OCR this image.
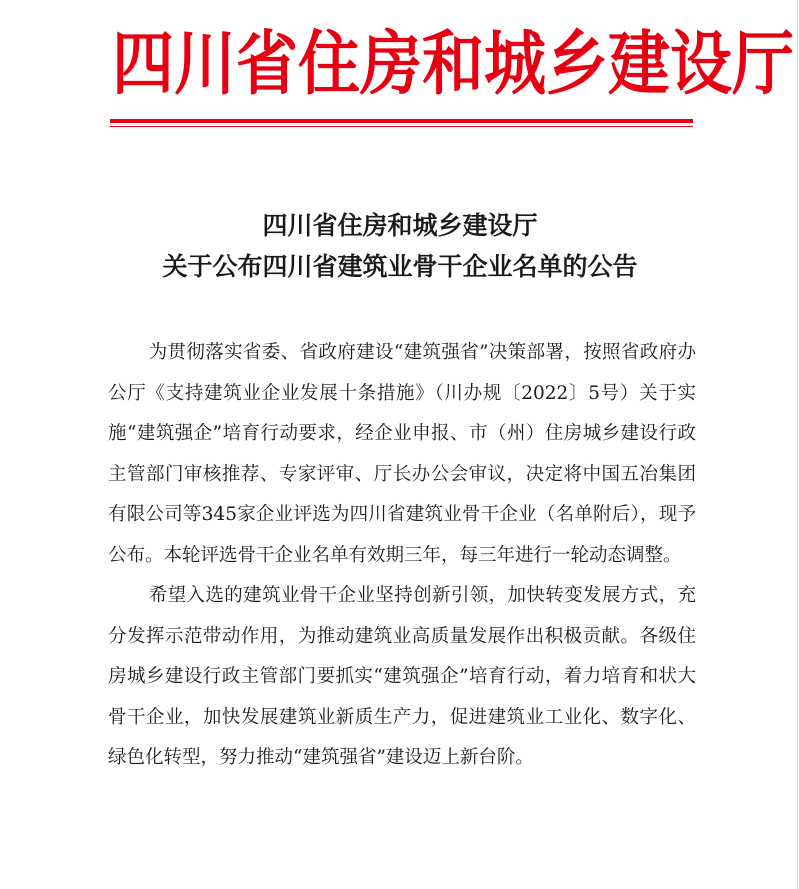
四川省住房和城乡建设厅
四川省住房和城乡建设厅
关于公布四川省建筑业骨干企业名单的公告

为贯彻落实省委、省政府建设“建筑强省”决策部署，按照省政府办公厅《支持建筑业企业发展十条措施》（川办规〔2022〕5号）关于实施“建筑强企”培育行动要求，经企业申报、市（州）住房城乡建设行政主管部门审核推荐、专家评审、厅长办公会审议，决定将中国五冶集团有限公司等345家企业评选为四川省建筑业骨干企业（名单附后），现予公布。本轮评选骨干企业名单有效期三年，每三年进行一轮动态调整。

希望入选的建筑业骨干企业坚持创新引领，加快转变发展方式，充分发挥示范带动作用，为推动建筑业高质量发展作出积极贡献。各级住房城乡建设行政主管部门要抓实“建筑强企”培育行动，着力培育和状大骨干企业，加快发展建筑业新质生产力，促进建筑业工业化、数字化、绿色化转型，努力推动“建筑强省”建设迈上新台阶。
